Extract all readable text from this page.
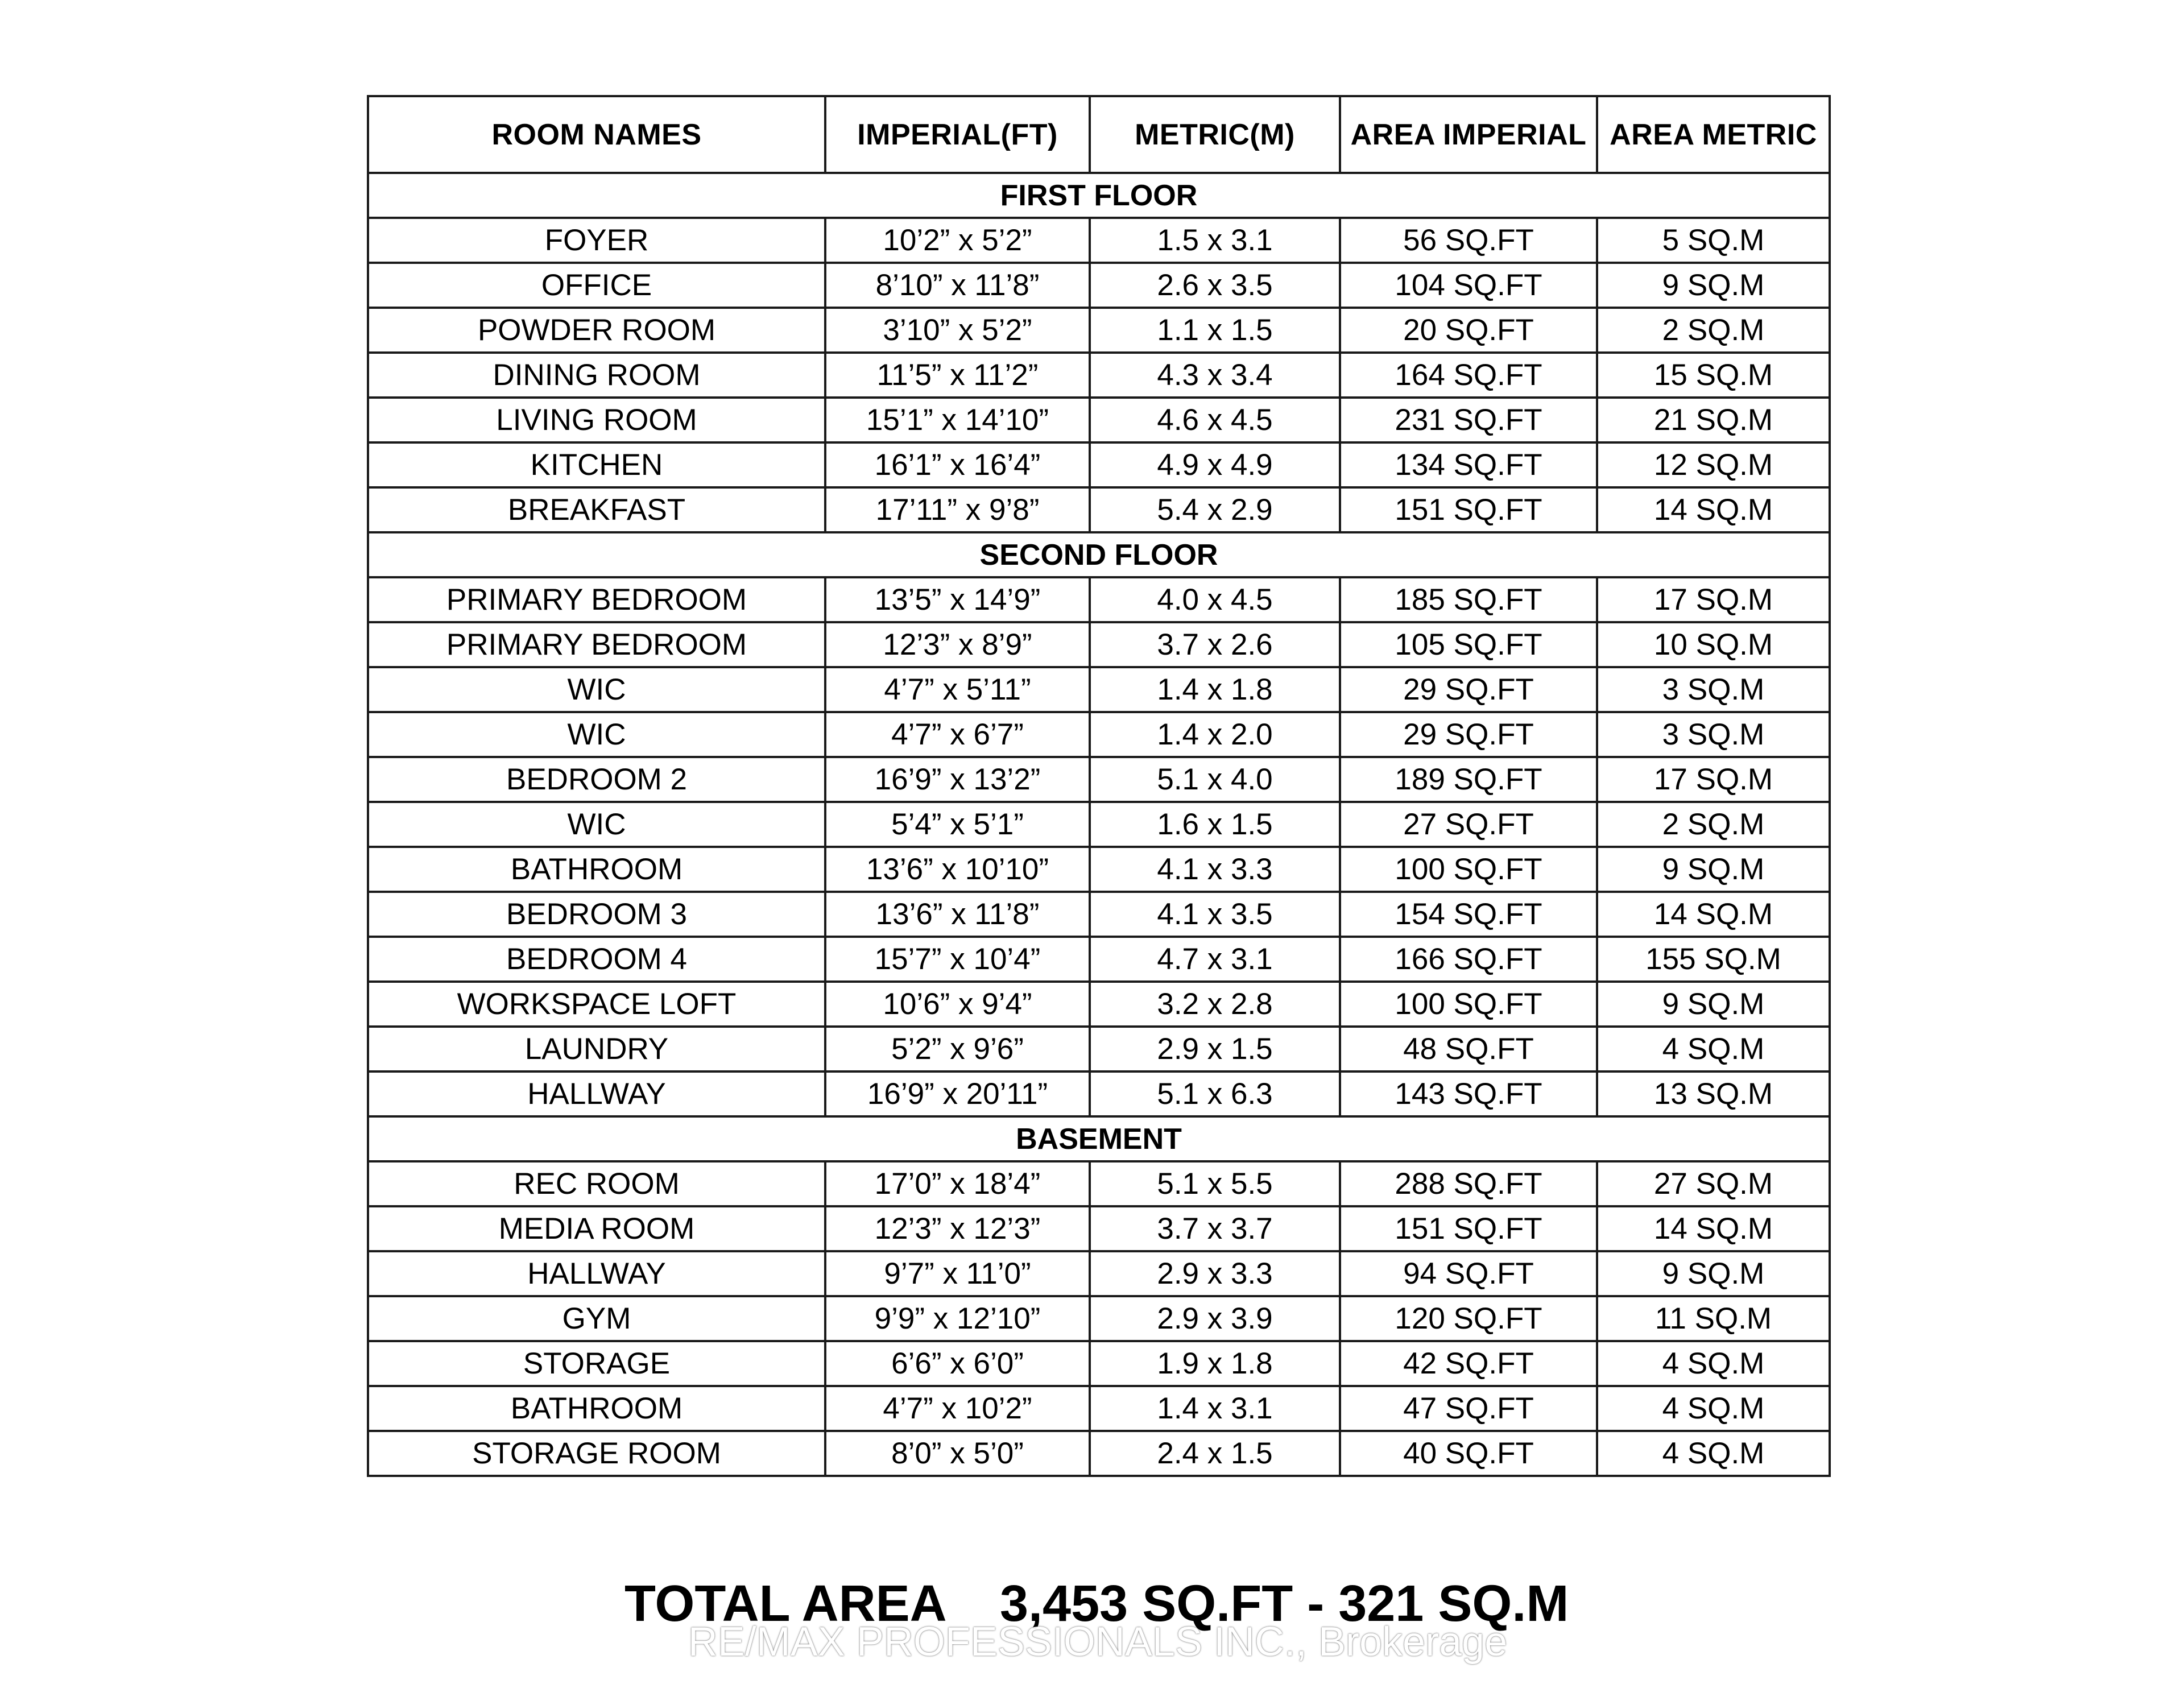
ROOM NAMES	IMPERIAL(FT)	METRIC(M)	AREA IMPERIAL	AREA METRIC
FIRST FLOOR				
FOYER	10’2” x 5’2”	1.5 x 3.1	56 SQ.FT	5 SQ.M
OFFICE	8’10” x 11’8”	2.6 x 3.5	104 SQ.FT	9 SQ.M
POWDER ROOM	3’10” x 5’2”	1.1 x 1.5	20 SQ.FT	2 SQ.M
DINING ROOM	11’5” x 11’2”	4.3 x 3.4	164 SQ.FT	15 SQ.M
LIVING ROOM	15’1” x 14’10”	4.6 x 4.5	231 SQ.FT	21 SQ.M
KITCHEN	16’1” x 16’4”	4.9 x 4.9	134 SQ.FT	12 SQ.M
BREAKFAST	17’11” x 9’8”	5.4 x 2.9	151 SQ.FT	14 SQ.M
SECOND FLOOR				
PRIMARY BEDROOM	13’5” x 14’9”	4.0 x 4.5	185 SQ.FT	17 SQ.M
PRIMARY BEDROOM	12’3” x 8’9”	3.7 x 2.6	105 SQ.FT	10 SQ.M
WIC	4’7” x 5’11”	1.4 x 1.8	29 SQ.FT	3 SQ.M
WIC	4’7” x 6’7”	1.4 x 2.0	29 SQ.FT	3 SQ.M
BEDROOM 2	16’9” x 13’2”	5.1 x 4.0	189 SQ.FT	17 SQ.M
WIC	5’4” x 5’1”	1.6 x 1.5	27 SQ.FT	2 SQ.M
BATHROOM	13’6” x 10’10”	4.1 x 3.3	100 SQ.FT	9 SQ.M
BEDROOM 3	13’6” x 11’8”	4.1 x 3.5	154 SQ.FT	14 SQ.M
BEDROOM 4	15’7” x 10’4”	4.7 x 3.1	166 SQ.FT	155 SQ.M
WORKSPACE LOFT	10’6” x 9’4”	3.2 x 2.8	100 SQ.FT	9 SQ.M
LAUNDRY	5’2” x 9’6”	2.9 x 1.5	48 SQ.FT	4 SQ.M
HALLWAY	16’9” x 20’11”	5.1 x 6.3	143 SQ.FT	13 SQ.M
BASEMENT				
REC ROOM	17’0” x 18’4”	5.1 x 5.5	288 SQ.FT	27 SQ.M
MEDIA ROOM	12’3” x 12’3”	3.7 x 3.7	151 SQ.FT	14 SQ.M
HALLWAY	9’7” x 11’0”	2.9 x 3.3	94 SQ.FT	9 SQ.M
GYM	9’9” x 12’10”	2.9 x 3.9	120 SQ.FT	11 SQ.M
STORAGE	6’6” x 6’0”	1.9 x 1.8	42 SQ.FT	4 SQ.M
BATHROOM	4’7” x 10’2”	1.4 x 3.1	47 SQ.FT	4 SQ.M
STORAGE ROOM	8’0” x 5’0”	2.4 x 1.5	40 SQ.FT	4 SQ.M
TOTAL AREA 3,453 SQ.FT - 321 SQ.M
RE/MAX PROFESSIONALS INC., Brokerage
